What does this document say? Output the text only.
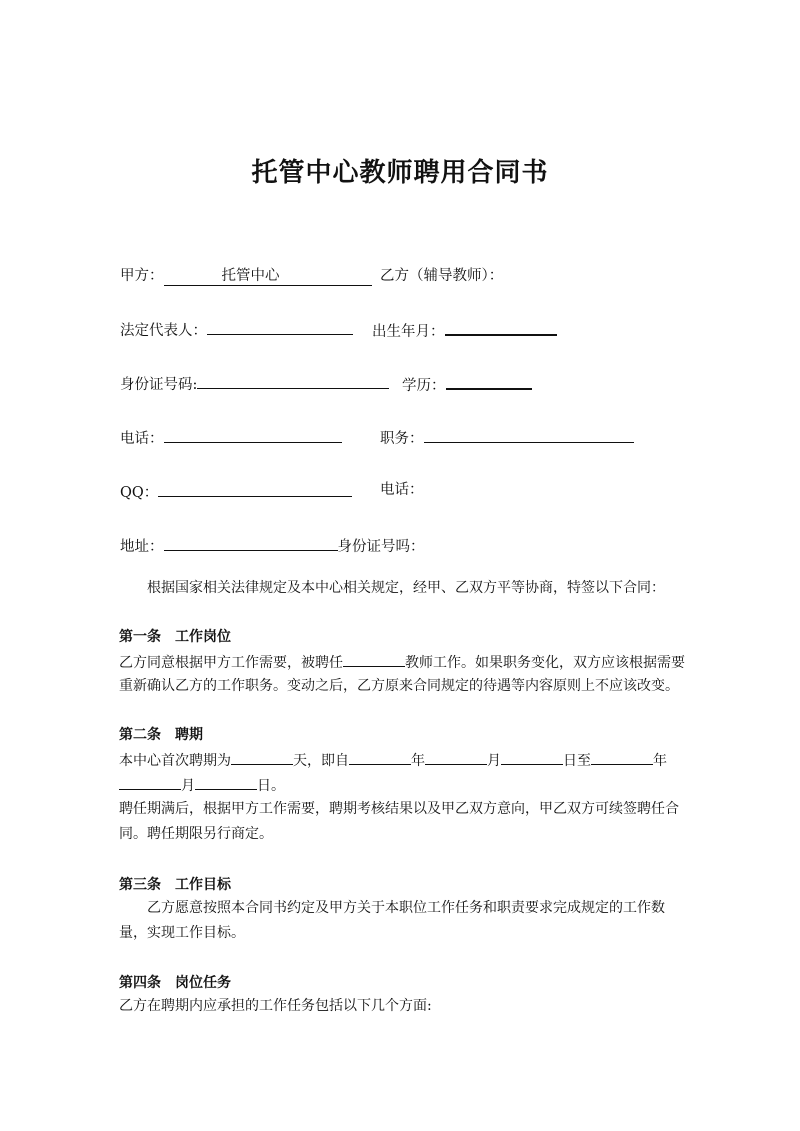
托管中心教师聘用合同书
甲方：	托管中心	乙方（辅导教师）：
法定代表人：	出生年月：
身份证号码:	学历：
电话：	职务：
QQ：	电话：
地址：	身份证号吗：
根据国家相关法律规定及本中心相关规定，经甲、乙双方平等协商，特签以下合同：
第一条 工作岗位
乙方同意根据甲方工作需要，被聘任	教师工作。如果职务变化，双方应该根据需要
重新确认乙方的工作职务。变动之后，乙方原来合同规定的待遇等内容原则上不应该改变。
第二条 聘期
本中心首次聘期为	天，即自	年	月	日至	年
月	日。
聘任期满后，根据甲方工作需要，聘期考核结果以及甲乙双方意向，甲乙双方可续签聘任合
同。聘任期限另行商定。
第三条 工作目标
乙方愿意按照本合同书约定及甲方关于本职位工作任务和职责要求完成规定的工作数
量，实现工作目标。
第四条 岗位任务
乙方在聘期内应承担的工作任务包括以下几个方面:
